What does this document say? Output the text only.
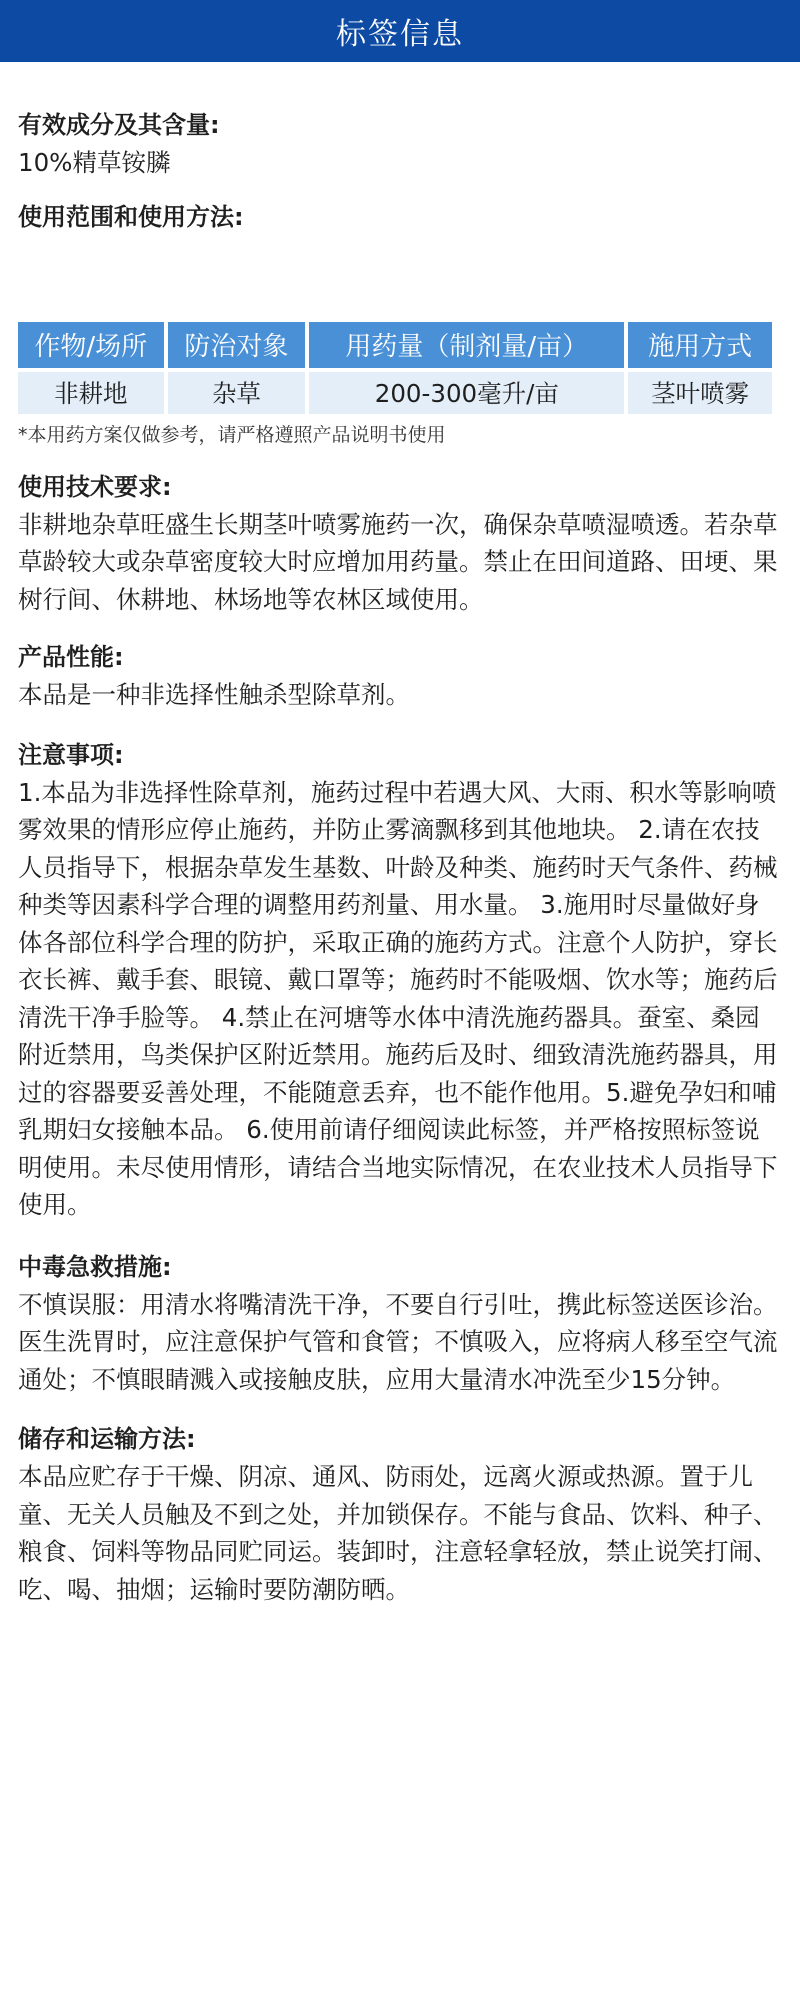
标签信息

有效成分及其含量:

10%精草铵膦

使用范围和使用方法:

作物/场所	防治对象	用药量（制剂量/亩）	施用方式
非耕地	杂草	200-300毫升/亩	茎叶喷雾

*本用药方案仅做参考，请严格遵照产品说明书使用

使用技术要求:

非耕地杂草旺盛生长期茎叶喷雾施药一次，确保杂草喷湿喷透。若杂草草龄较大或杂草密度较大时应增加用药量。禁止在田间道路、田埂、果树行间、休耕地、林场地等农林区域使用。

产品性能:

本品是一种非选择性触杀型除草剂。

注意事项:

1.本品为非选择性除草剂，施药过程中若遇大风、大雨、积水等影响喷雾效果的情形应停止施药，并防止雾滴飘移到其他地块。 2.请在农技人员指导下，根据杂草发生基数、叶龄及种类、施药时天气条件、药械种类等因素科学合理的调整用药剂量、用水量。 3.施用时尽量做好身体各部位科学合理的防护，采取正确的施药方式。注意个人防护，穿长衣长裤、戴手套、眼镜、戴口罩等；施药时不能吸烟、饮水等；施药后清洗干净手脸等。 4.禁止在河塘等水体中清洗施药器具。蚕室、桑园附近禁用，鸟类保护区附近禁用。施药后及时、细致清洗施药器具，用过的容器要妥善处理，不能随意丢弃，也不能作他用。5.避免孕妇和哺乳期妇女接触本品。 6.使用前请仔细阅读此标签，并严格按照标签说明使用。未尽使用情形，请结合当地实际情况，在农业技术人员指导下使用。

中毒急救措施:

不慎误服：用清水将嘴清洗干净，不要自行引吐，携此标签送医诊治。医生洗胃时，应注意保护气管和食管；不慎吸入，应将病人移至空气流通处；不慎眼睛溅入或接触皮肤，应用大量清水冲洗至少15分钟。

储存和运输方法:

本品应贮存于干燥、阴凉、通风、防雨处，远离火源或热源。置于儿童、无关人员触及不到之处，并加锁保存。不能与食品、饮料、种子、粮食、饲料等物品同贮同运。装卸时，注意轻拿轻放，禁止说笑打闹、吃、喝、抽烟；运输时要防潮防晒。
